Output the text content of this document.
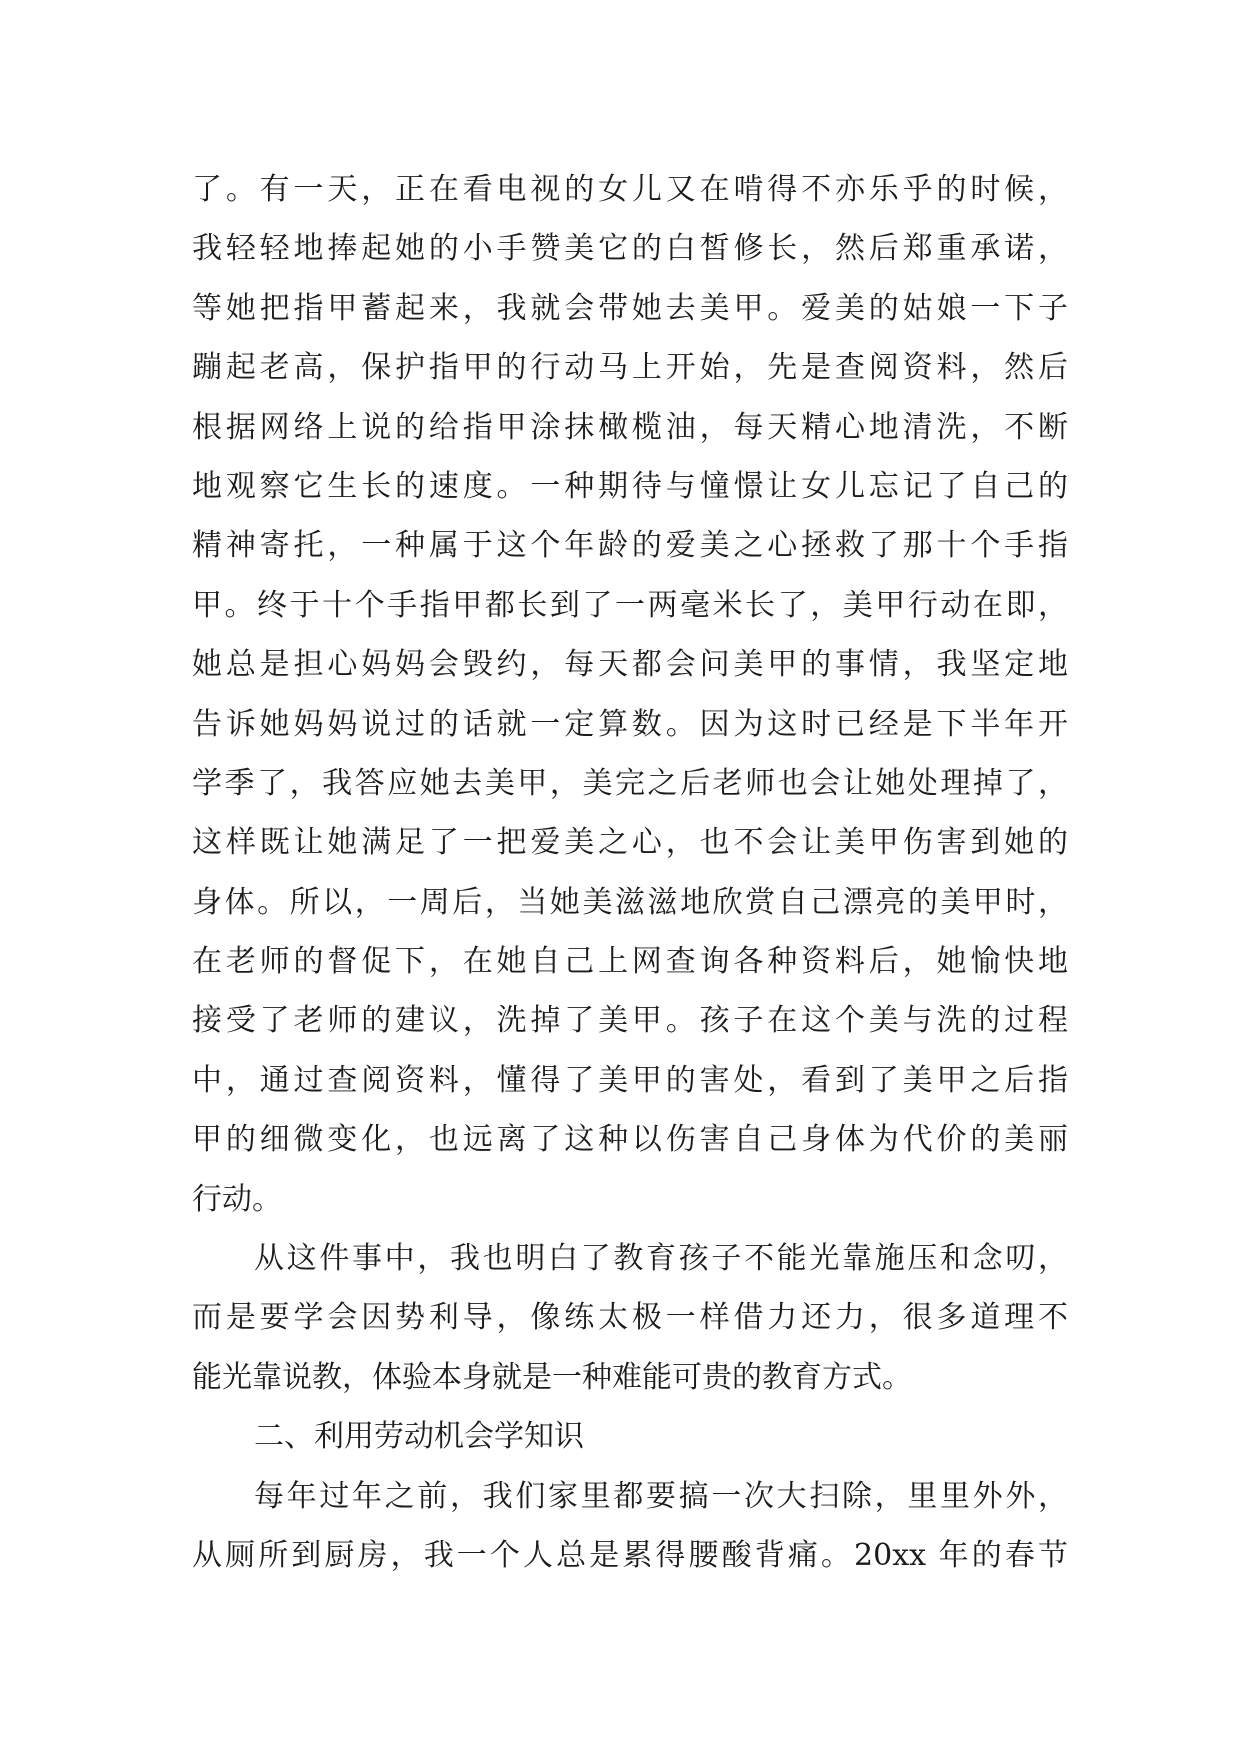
了。有一天，正在看电视的女儿又在啃得不亦乐乎的时候，
我轻轻地捧起她的小手赞美它的白皙修长，然后郑重承诺，
等她把指甲蓄起来，我就会带她去美甲。爱美的姑娘一下子
蹦起老高，保护指甲的行动马上开始，先是查阅资料，然后
根据网络上说的给指甲涂抹橄榄油，每天精心地清洗，不断
地观察它生长的速度。一种期待与憧憬让女儿忘记了自己的
精神寄托，一种属于这个年龄的爱美之心拯救了那十个手指
甲。终于十个手指甲都长到了一两毫米长了，美甲行动在即，
她总是担心妈妈会毁约，每天都会问美甲的事情，我坚定地
告诉她妈妈说过的话就一定算数。因为这时已经是下半年开
学季了，我答应她去美甲，美完之后老师也会让她处理掉了，
这样既让她满足了一把爱美之心，也不会让美甲伤害到她的
身体。所以，一周后，当她美滋滋地欣赏自己漂亮的美甲时，
在老师的督促下，在她自己上网查询各种资料后，她愉快地
接受了老师的建议，洗掉了美甲。孩子在这个美与洗的过程
中，通过查阅资料，懂得了美甲的害处，看到了美甲之后指
甲的细微变化，也远离了这种以伤害自己身体为代价的美丽
行动。
从这件事中，我也明白了教育孩子不能光靠施压和念叨，
而是要学会因势利导，像练太极一样借力还力，很多道理不
能光靠说教，体验本身就是一种难能可贵的教育方式。
二、利用劳动机会学知识
每年过年之前，我们家里都要搞一次大扫除，里里外外，
从厕所到厨房，我一个人总是累得腰酸背痛。20xx 年的春节
